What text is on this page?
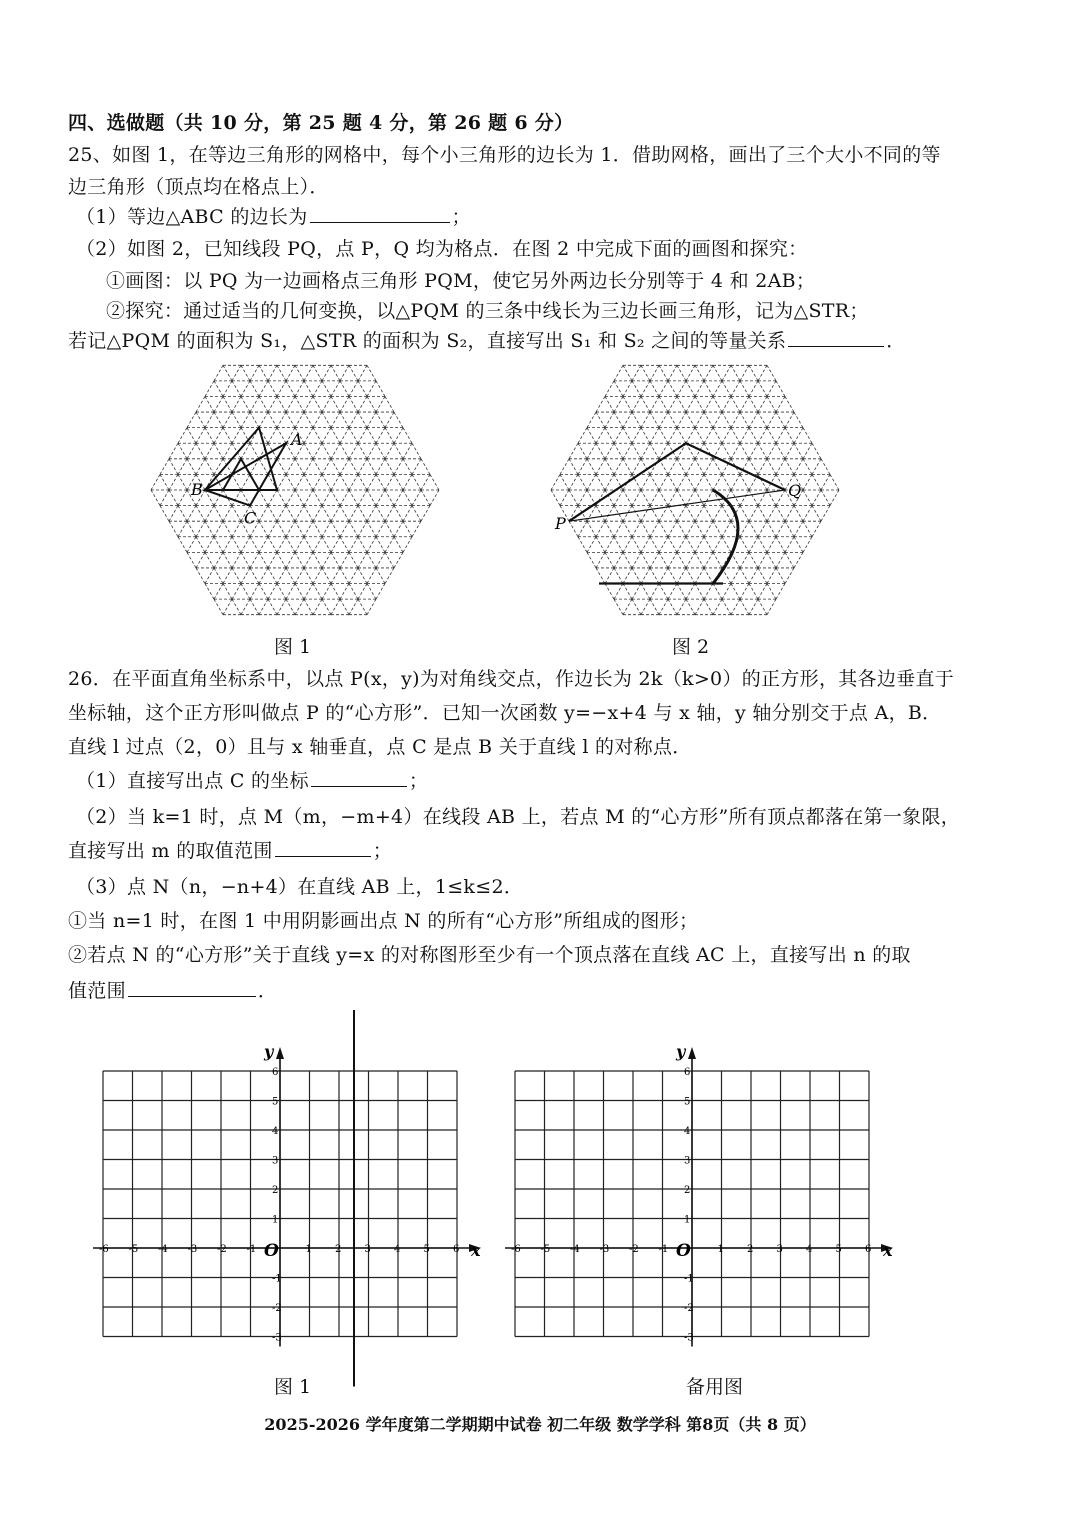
四、选做题（共 10 分，第 25 题 4 分，第 26 题 6 分）
25、如图 1，在等边三角形的网格中，每个小三角形的边长为 1．借助网格，画出了三个大小不同的等
边三角形（顶点均在格点上）．
（1）等边△ABC 的边长为	；
（2）如图 2，已知线段 PQ，点 P，Q 均为格点．在图 2 中完成下面的画图和探究：
①画图：以 PQ 为一边画格点三角形 PQM，使它另外两边长分别等于 4 和 2AB；
②探究：通过适当的几何变换，以△PQM 的三条中线长为三边长画三角形，记为△STR；
若记△PQM 的面积为 S₁，△STR 的面积为 S₂，直接写出 S₁ 和 S₂ 之间的等量关系	．
A
B
C	P
Q
图 1	图 2
26．在平面直角坐标系中，以点 P(x，y)为对角线交点，作边长为 2k（k>0）的正方形，其各边垂直于
坐标轴，这个正方形叫做点 P 的“心方形”．已知一次函数 y=−x+4 与 x 轴，y 轴分别交于点 A，B．
直线 l 过点（2，0）且与 x 轴垂直，点 C 是点 B 关于直线 l 的对称点．
（1）直接写出点 C 的坐标	；
（2）当 k=1 时，点 M（m，−m+4）在线段 AB 上，若点 M 的“心方形”所有顶点都落在第一象限，
直接写出 m 的取值范围	；
（3）点 N（n，−n+4）在直线 AB 上，1≤k≤2．
①当 n=1 时，在图 1 中用阴影画出点 N 的所有“心方形”所组成的图形；
②若点 N 的“心方形”关于直线 y=x 的对称图形至少有一个顶点落在直线 AC 上，直接写出 n 的取
值范围	．
x
y
O
-6 -5 -4 -3 -2 -1	1 2 3 4 5 6
6
5
4
3
2
1
-1
-2
-3
x
y
O
-6 -5 -4 -3 -2 -1	1 2 3 4 5 6
6
5
4
3
2
1
-1
-2
-3
图 1	备用图
2025-2026 学年度第二学期期中试卷 初二年级 数学学科 第8页（共 8 页）
